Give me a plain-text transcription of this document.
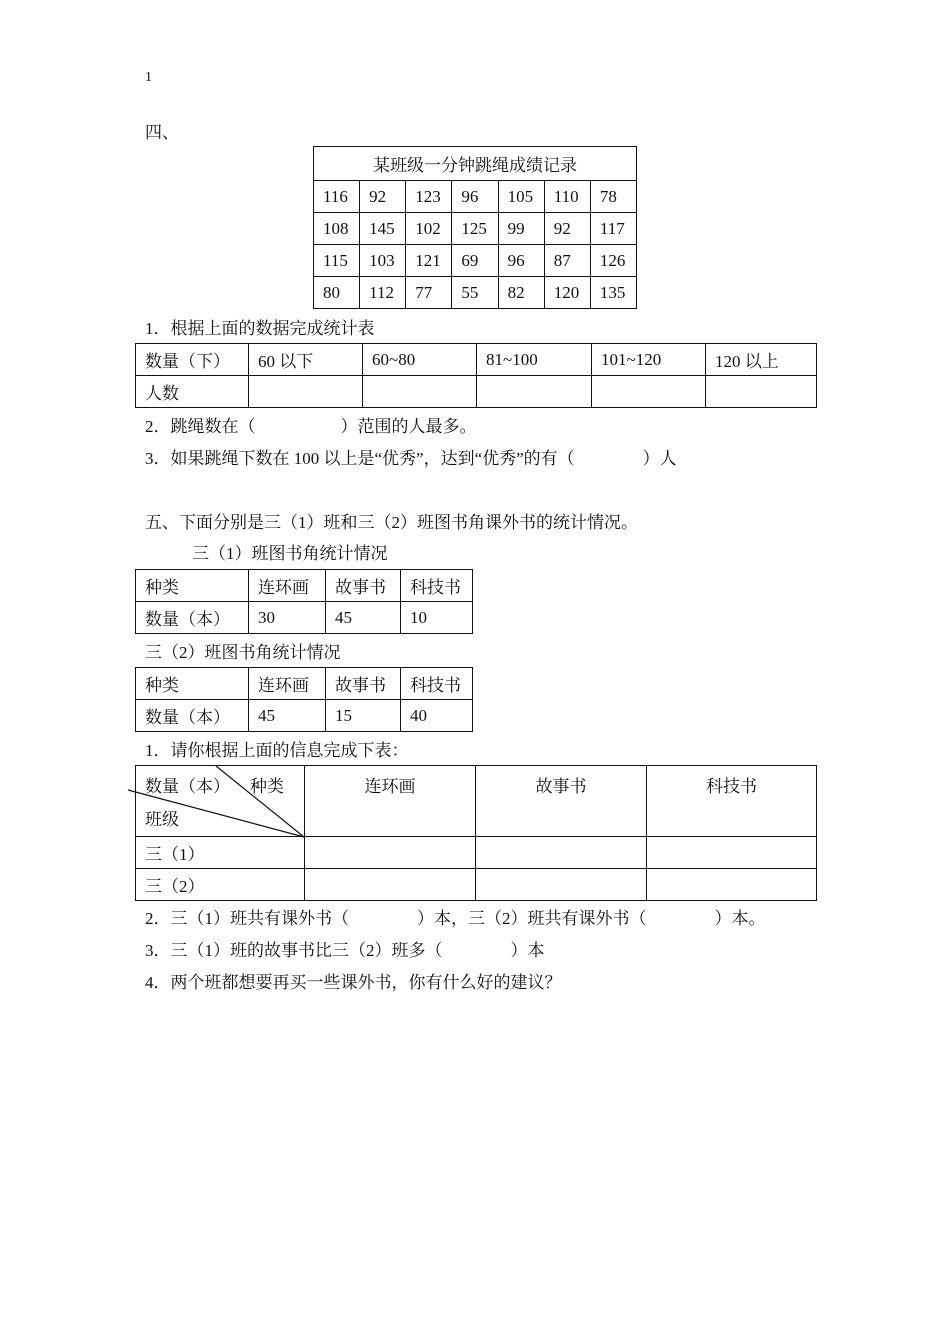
1
四、
某班级一分钟跳绳成绩记录						
116	92	123	96	105	110	78
108	145	102	125	99	92	117
115	103	121	69	96	87	126
80	112	77	55	82	120	135
1．根据上面的数据完成统计表
数量（下）	60 以下	60~80	81~100	101~120	120 以上
人数					
2．跳绳数在（　　　　　）范围的人最多。
3．如果跳绳下数在 100 以上是“优秀”，达到“优秀”的有（　　　　）人
五、下面分别是三（1）班和三（2）班图书角课外书的统计情况。
三（1）班图书角统计情况
种类	连环画	故事书	科技书
数量（本）	30	45	10
三（2）班图书角统计情况
种类	连环画	故事书	科技书
数量（本）	45	15	40
1．请你根据上面的信息完成下表：
数量（本） 种类
班级	连环画	故事书	科技书
三（1）			
三（2）			
2．三（1）班共有课外书（　　　　）本，三（2）班共有课外书（　　　　）本。
3．三（1）班的故事书比三（2）班多（　　　　）本
4．两个班都想要再买一些课外书，你有什么好的建议？
